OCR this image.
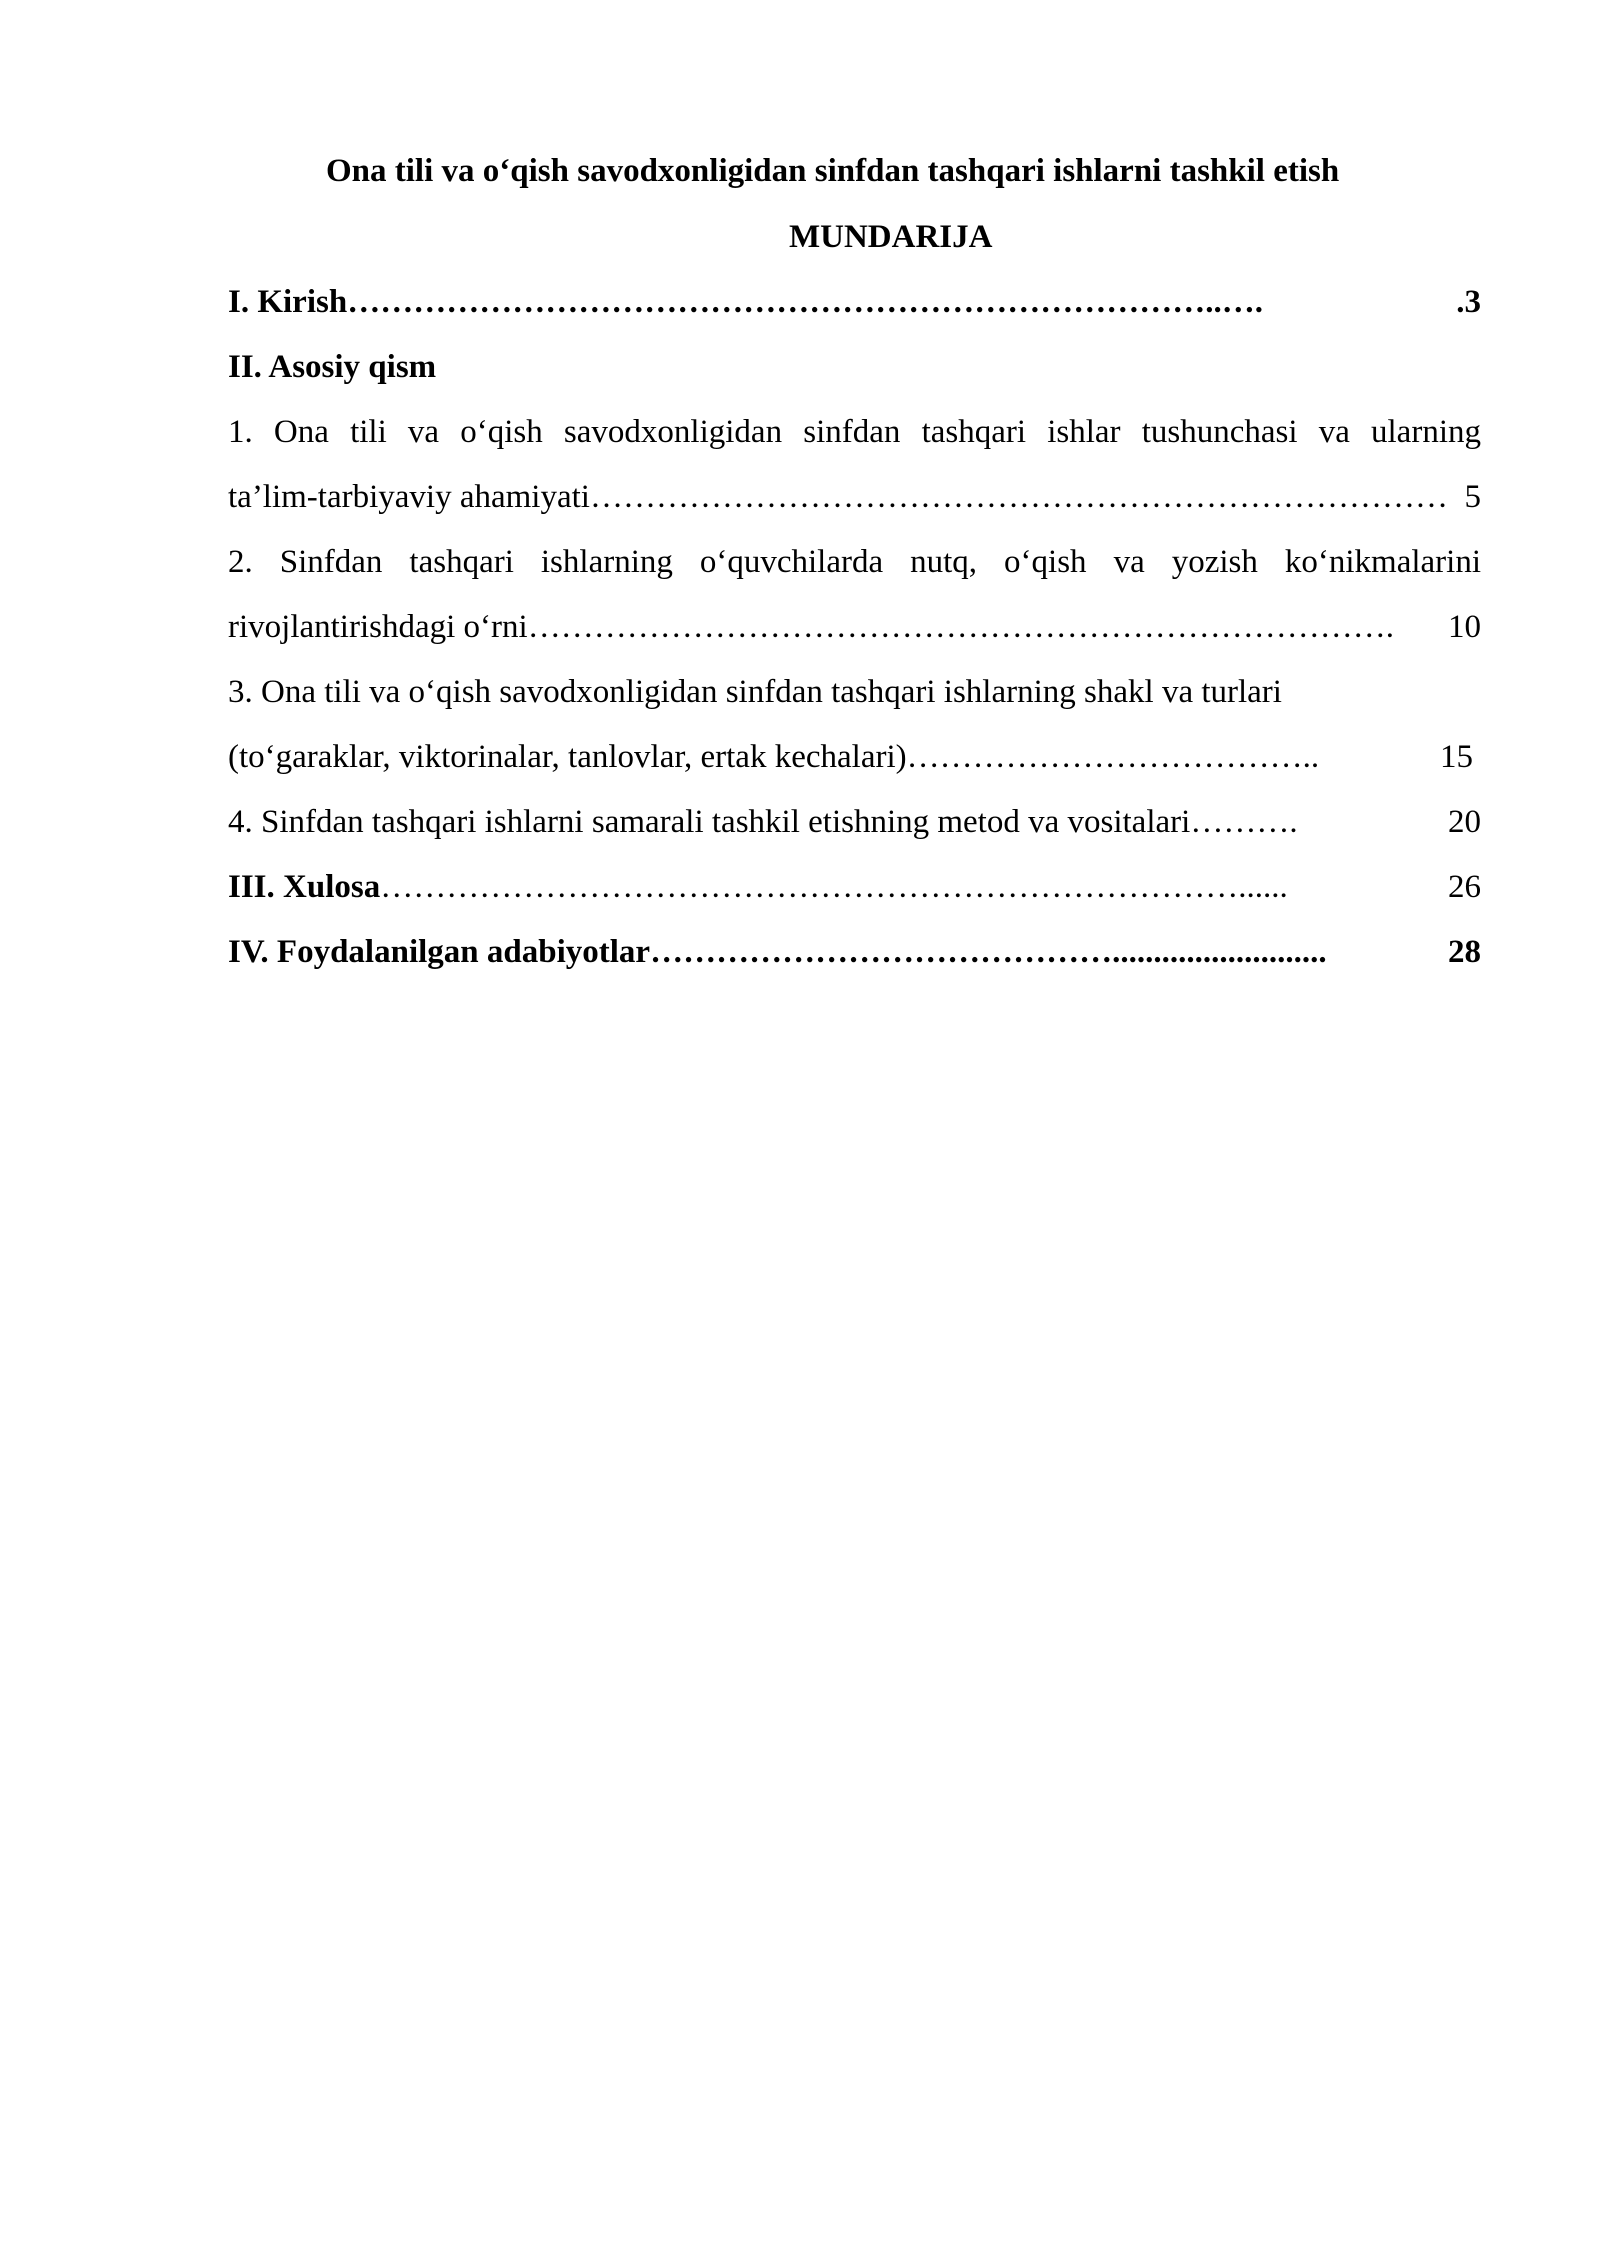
Ona tili va o‘qish savodxonligidan sinfdan tashqari ishlarni tashkil etish
MUNDARIJA
I. Kirish ……………………………………………………………………..….	.3
II. Asosiy qism
1. Ona tili va o‘qish savodxonligidan sinfdan tashqari ishlar tushunchasi va ularning
ta’lim-tarbiyaviy ahamiyati …………………………………………………………………… 5
2. Sinfdan tashqari ishlarning o‘quvchilarda nutq, o‘qish va yozish ko‘nikmalarini
rivojlantirishdagi o‘rni …………………………………………………………………….	10
3. Ona tili va o‘qish savodxonligidan sinfdan tashqari ishlarning shakl va turlari
(to‘garaklar, viktorinalar, tanlovlar, ertak kechalari) ………………………………..	15
4. Sinfdan tashqari ishlarni samarali tashkil etishning metod va vositalari ……….	20
III. Xulosa ……………………………………………………………………......	26
IV. Foydalanilgan adabiyotlar ……………………………………..........................	28
